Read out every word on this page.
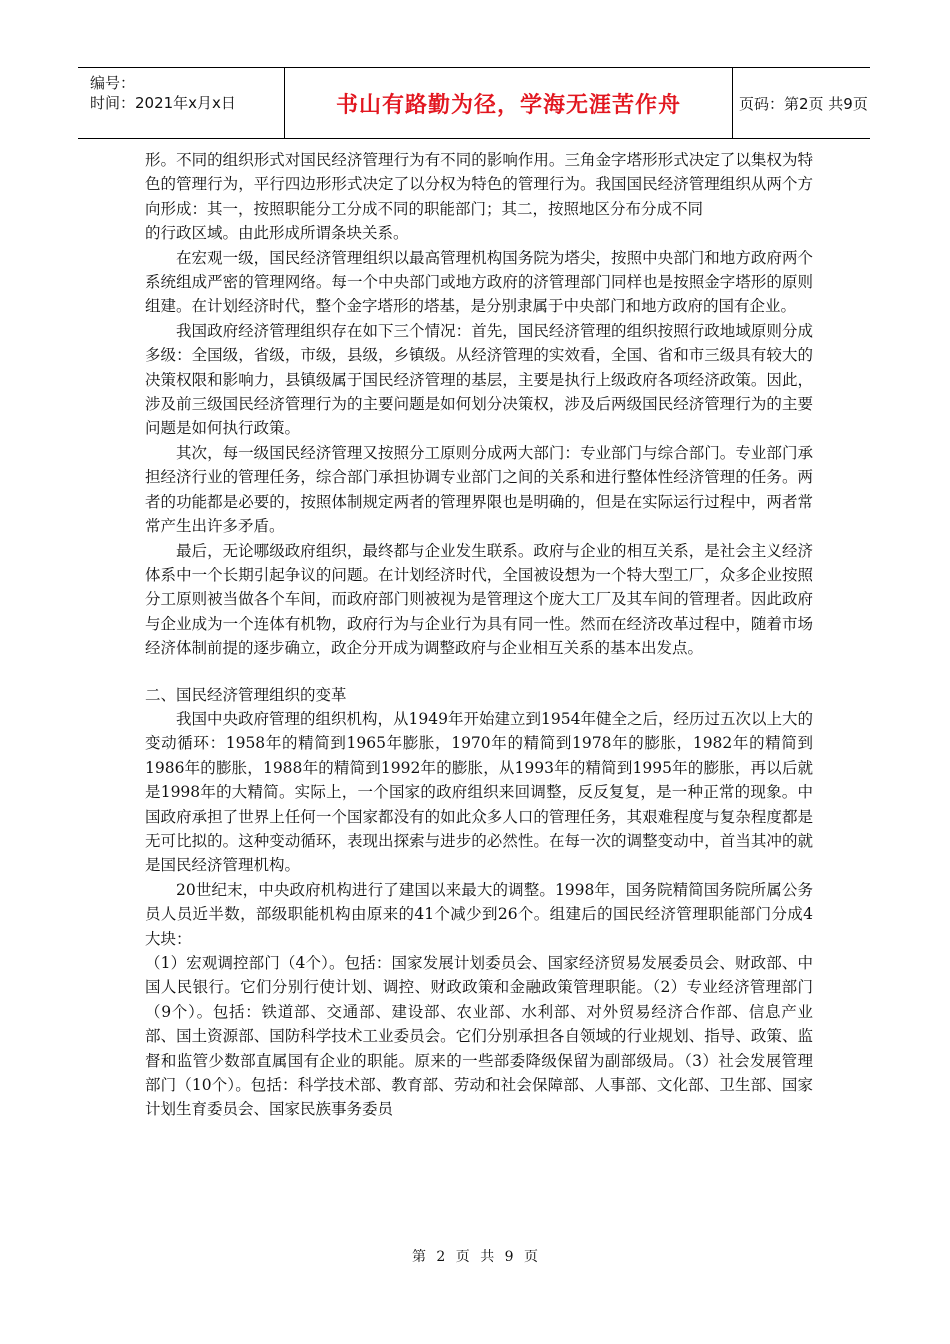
编号：
时间：2021年x月x日	书山有路勤为径，学海无涯苦作舟	页码：第2页 共9页

形。不同的组织形式对国民经济管理行为有不同的影响作用。三角金字塔形形式决定了以集权为特色的管理行为，平行四边形形式决定了以分权为特色的管理行为。我国国民经济管理组织从两个方向形成：其一，按照职能分工分成不同的职能部门；其二，按照地区分布分成不同

的行政区域。由此形成所谓条块关系。

在宏观一级，国民经济管理组织以最高管理机构国务院为塔尖，按照中央部门和地方政府两个系统组成严密的管理网络。每一个中央部门或地方政府的济管理部门同样也是按照金字塔形的原则组建。在计划经济时代，整个金字塔形的塔基，是分别隶属于中央部门和地方政府的国有企业。

我国政府经济管理组织存在如下三个情况：首先，国民经济管理的组织按照行政地域原则分成多级：全国级，省级，市级，县级，乡镇级。从经济管理的实效看，全国、省和市三级具有较大的决策权限和影响力，县镇级属于国民经济管理的基层，主要是执行上级政府各项经济政策。因此，涉及前三级国民经济管理行为的主要问题是如何划分决策权，涉及后两级国民经济管理行为的主要问题是如何执行政策。

其次，每一级国民经济管理又按照分工原则分成两大部门：专业部门与综合部门。专业部门承担经济行业的管理任务，综合部门承担协调专业部门之间的关系和进行整体性经济管理的任务。两者的功能都是必要的，按照体制规定两者的管理界限也是明确的，但是在实际运行过程中，两者常常产生出许多矛盾。

最后，无论哪级政府组织，最终都与企业发生联系。政府与企业的相互关系，是社会主义经济体系中一个长期引起争议的问题。在计划经济时代，全国被设想为一个特大型工厂，众多企业按照分工原则被当做各个车间，而政府部门则被视为是管理这个庞大工厂及其车间的管理者。因此政府与企业成为一个连体有机物，政府行为与企业行为具有同一性。然而在经济改革过程中，随着市场经济体制前提的逐步确立，政企分开成为调整政府与企业相互关系的基本出发点。

二、国民经济管理组织的变革

我国中央政府管理的组织机构，从1949年开始建立到1954年健全之后，经历过五次以上大的变动循环：1958年的精简到1965年膨胀，1970年的精简到1978年的膨胀，1982年的精简到1986年的膨胀，1988年的精简到1992年的膨胀，从1993年的精简到1995年的膨胀，再以后就是1998年的大精简。实际上，一个国家的政府组织来回调整，反反复复，是一种正常的现象。中国政府承担了世界上任何一个国家都没有的如此众多人口的管理任务，其艰难程度与复杂程度都是无可比拟的。这种变动循环，表现出探索与进步的必然性。在每一次的调整变动中，首当其冲的就是国民经济管理机构。

20世纪末，中央政府机构进行了建国以来最大的调整。1998年，国务院精简国务院所属公务员人员近半数，部级职能机构由原来的41个减少到26个。组建后的国民经济管理职能部门分成4大块：

（1）宏观调控部门（4个）。包括：国家发展计划委员会、国家经济贸易发展委员会、财政部、中国人民银行。它们分别行使计划、调控、财政政策和金融政策管理职能。（2）专业经济管理部门（9个）。包括：铁道部、交通部、建设部、农业部、水利部、对外贸易经济合作部、信息产业部、国土资源部、国防科学技术工业委员会。它们分别承担各自领域的行业规划、指导、政策、监督和监管少数部直属国有企业的职能。原来的一些部委降级保留为副部级局。（3）社会发展管理部门（10个）。包括：科学技术部、教育部、劳动和社会保障部、人事部、文化部、卫生部、国家计划生育委员会、国家民族事务委员

第 2 页 共 9 页
